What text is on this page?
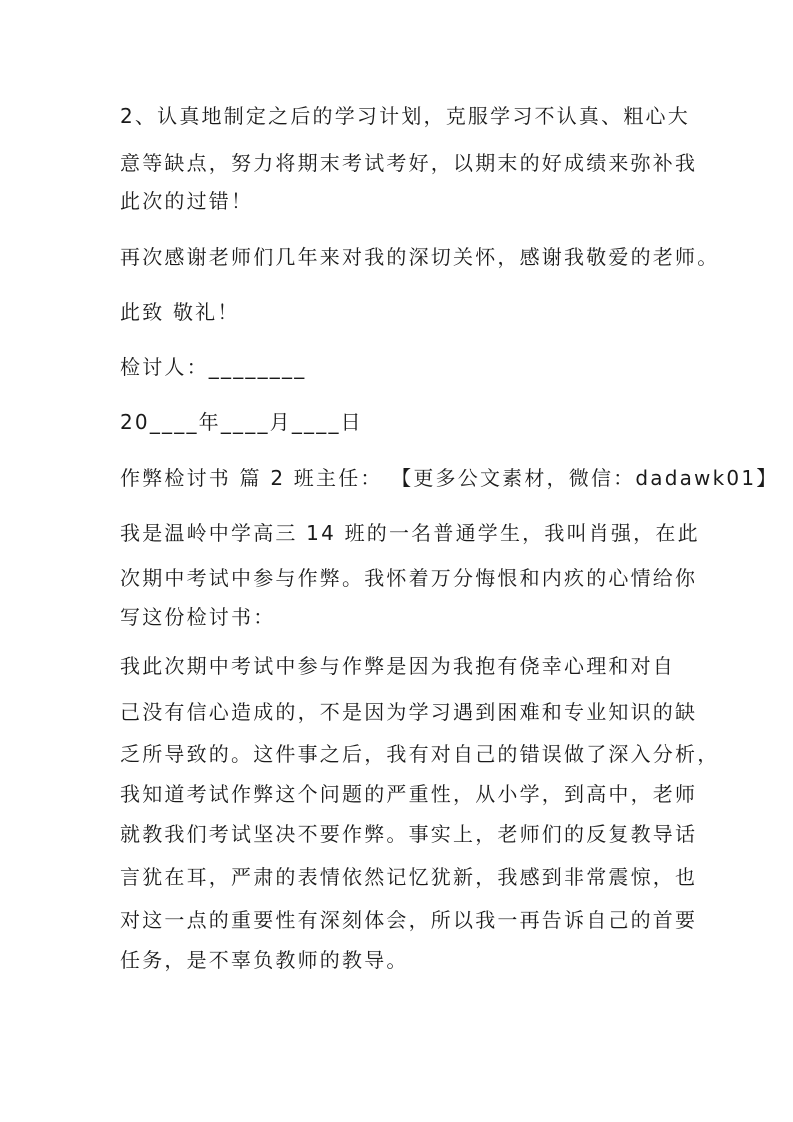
2、认真地制定之后的学习计划，克服学习不认真、粗心大
意等缺点，努力将期末考试考好，以期末的好成绩来弥补我
此次的过错！
再次感谢老师们几年来对我的深切关怀，感谢我敬爱的老师。
此致 敬礼！
检讨人：________
20____年____月____日
作弊检讨书 篇 2 班主任： 【更多公文素材，微信：dadawk01】
我是温岭中学高三 14 班的一名普通学生，我叫肖强，在此
次期中考试中参与作弊。我怀着万分悔恨和内疚的心情给你
写这份检讨书：
我此次期中考试中参与作弊是因为我抱有侥幸心理和对自
己没有信心造成的，不是因为学习遇到困难和专业知识的缺
乏所导致的。这件事之后，我有对自己的错误做了深入分析，
我知道考试作弊这个问题的严重性，从小学，到高中，老师
就教我们考试坚决不要作弊。事实上，老师们的反复教导话
言犹在耳，严肃的表情依然记忆犹新，我感到非常震惊，也
对这一点的重要性有深刻体会，所以我一再告诉自己的首要
任务，是不辜负教师的教导。
